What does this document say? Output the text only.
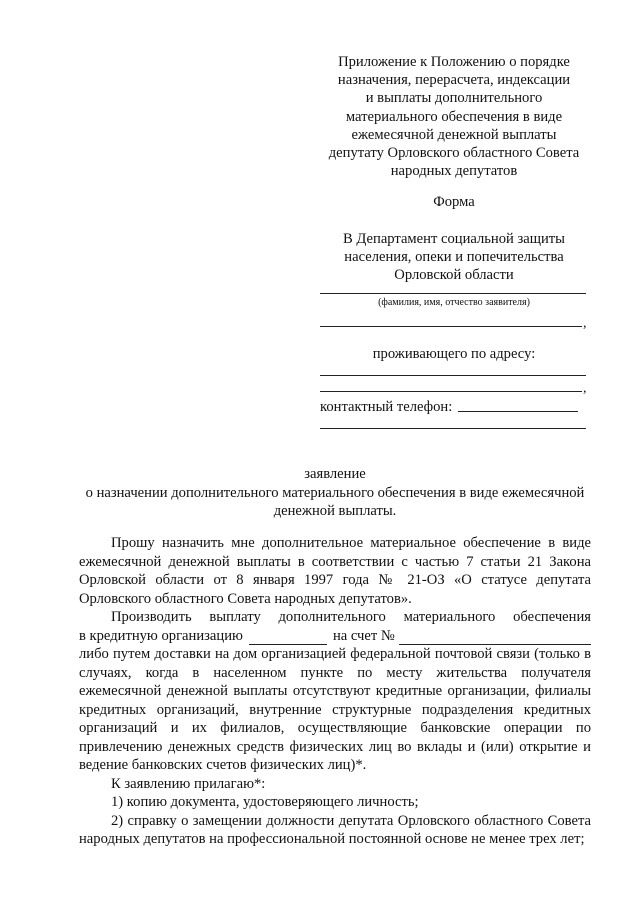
Приложение к Положению о порядке
назначения, перерасчета, индексации
и выплаты дополнительного
материального обеспечения в виде
ежемесячной денежной выплаты
депутату Орловского областного Совета
народных депутатов
Форма
В Департамент социальной защиты
населения, опеки и попечительства
Орловской области
(фамилия, имя, отчество заявителя)
,
проживающего по адресу:
,
контактный телефон:
заявление
о назначении дополнительного материального обеспечения в виде ежемесячной
денежной выплаты.

Прошу назначить мне дополнительное материальное обеспечение в виде ежемесячной денежной выплаты в соответствии с частью 7 статьи 21 Закона Орловской области от 8 января 1997 года № 21-ОЗ «О статусе депутата Орловского областного Совета народных депутатов».

Производить выплату дополнительного материального обеспечения

в кредитную организацию	на счет №

либо путем доставки на дом организацией федеральной почтовой связи (только в случаях, когда в населенном пункте по месту жительства получателя ежемесячной денежной выплаты отсутствуют кредитные организации, филиалы кредитных организаций, внутренние структурные подразделения кредитных организаций и их филиалов, осуществляющие банковские операции по привлечению денежных средств физических лиц во вклады и (или) открытие и ведение банковских счетов физических лиц)*.

К заявлению прилагаю*:

1) копию документа, удостоверяющего личность;

2) справку о замещении должности депутата Орловского областного Совета народных депутатов на профессиональной постоянной основе не менее трех лет;
